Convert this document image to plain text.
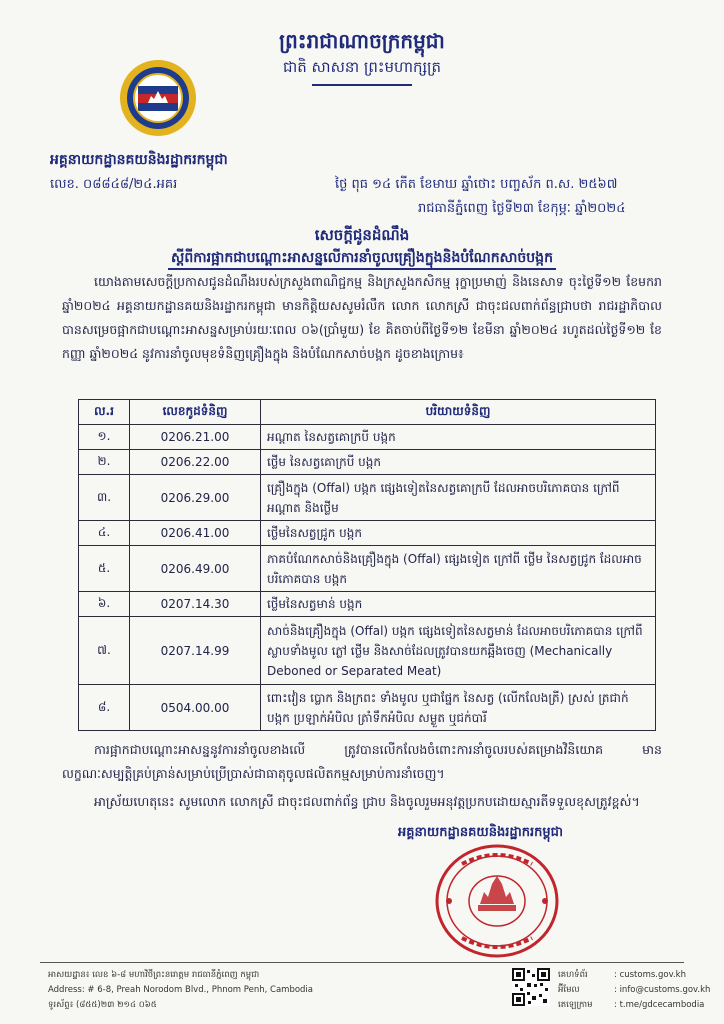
ព្រះរាជាណាចក្រកម្ពុជា
ជាតិ សាសនា ព្រះមហាក្សត្រ
អគ្គនាយកដ្ឋានគយនិងរដ្ឋាករកម្ពុជា
លេខ. ០៨៨៤៨/២៤.អគរ	ថ្ងៃ ពុធ ១៤ កើត ខែមាឃ ឆ្នាំថោះ បញ្ចស័ក ព.ស. ២៥៦៧
រាជធានីភ្នំពេញ ថ្ងៃទី២៣ ខែកុម្ភៈ ឆ្នាំ២០២៤
សេចក្តីជូនដំណឹង
ស្តីពីការផ្អាកជាបណ្តោះអាសន្នលើការនាំចូលគ្រឿងក្នុងនិងបំណែកសាច់បង្កក
យោងតាមសេចក្តីប្រកាសជូនដំណឹងរបស់ក្រសួងពាណិជ្ជកម្ម និងក្រសួងកសិកម្ម រុក្ខាប្រមាញ់ និងនេសាទ ចុះថ្ងៃទី១២ ខែមករា ឆ្នាំ២០២៤ អគ្គនាយកដ្ឋានគយនិងរដ្ឋាករកម្ពុជា មានកិត្តិយសសូមរំលឹក លោក លោកស្រី ជាចុះជលពាក់ព័ន្ធជ្រាបថា រាជរដ្ឋាភិបាលបានសម្រេចផ្អាកជាបណ្តោះអាសន្នសម្រាប់រយៈពេល ០៦(ប្រាំមួយ) ខែ គិតចាប់ពីថ្ងៃទី១២ ខែមីនា ឆ្នាំ២០២៤ រហូតដល់ថ្ងៃទី១២ ខែកញ្ញា ឆ្នាំ២០២៤ នូវការនាំចូលមុខទំនិញគ្រឿងក្នុង និងបំណែកសាច់បង្កក ដូចខាងក្រោម៖
ល.រ	លេខកូដទំនិញ	បរិយាយទំនិញ
១.	0206.21.00	អណ្តាត នៃសត្វគោក្របី បង្កក
២.	0206.22.00	ថ្លើម នៃសត្វគោក្របី បង្កក
៣.	0206.29.00	គ្រឿងក្នុង (Offal) បង្កក ផ្សេងទៀតនៃសត្វគោក្របី ដែលអាចបរិភោគបាន ក្រៅពី អណ្តាត និងថ្លើម
៤.	0206.41.00	ថ្លើមនៃសត្វជ្រូក បង្កក
៥.	0206.49.00	ភាគបំណែកសាច់និងគ្រឿងក្នុង (Offal) ផ្សេងទៀត ក្រៅពី ថ្លើម នៃសត្វជ្រូក ដែលអាចបរិភោគបាន បង្កក
៦.	0207.14.30	ថ្លើមនៃសត្វមាន់ បង្កក
៧.	0207.14.99	សាច់និងគ្រឿងក្នុង (Offal) បង្កក ផ្សេងទៀតនៃសត្វមាន់ ដែលអាចបរិភោគបាន ក្រៅពី ស្លាបទាំងមូល ភ្លៅ ថ្លើម និងសាច់ដែលត្រូវបានយកឆ្អឹងចេញ (Mechanically Deboned or Separated Meat)
៨.	0504.00.00	ពោះវៀន ប្លោក និងក្រពះ ទាំងមូល ឬជាផ្នែក នៃសត្វ (លើកលែងត្រី) ស្រស់ ត្រជាក់ បង្កក ប្រឡាក់អំបិល ត្រាំទឹកអំបិល សម្ងួត ឬជក់បារី
ការផ្អាកជាបណ្តោះអាសន្ននូវការនាំចូលខាងលើ ត្រូវបានលើកលែងចំពោះការនាំចូលរបស់គម្រោងវិនិយោគ មានលក្ខណៈសម្បត្តិគ្រប់គ្រាន់សម្រាប់ប្រើប្រាស់ជាធាតុចូលផលិតកម្មសម្រាប់ការនាំចេញ។
អាស្រ័យហេតុនេះ សូមលោក លោកស្រី ជាចុះជលពាក់ព័ន្ធ ជ្រាប និងចូលរួមអនុវត្តប្រកបដោយស្មារតីទទួលខុសត្រូវខ្ពស់។
អគ្គនាយកដ្ឋានគយនិងរដ្ឋាករកម្ពុជា
អាសយដ្ឋាន៖ លេខ ៦-៨ មហាវិថីព្រះនរោត្តម រាជធានីភ្នំពេញ កម្ពុជា
Address: # 6-8, Preah Norodom Blvd., Phnom Penh, Cambodia
ទូរស័ព្ទ៖ (៨៥៥)២៣ ២១៤ ០៦៥
គេហទំព័រ	: customs.gov.kh
អ៊ីមែល	: info@customs.gov.kh
តេឡេក្រាម	: t.me/gdcecambodia
